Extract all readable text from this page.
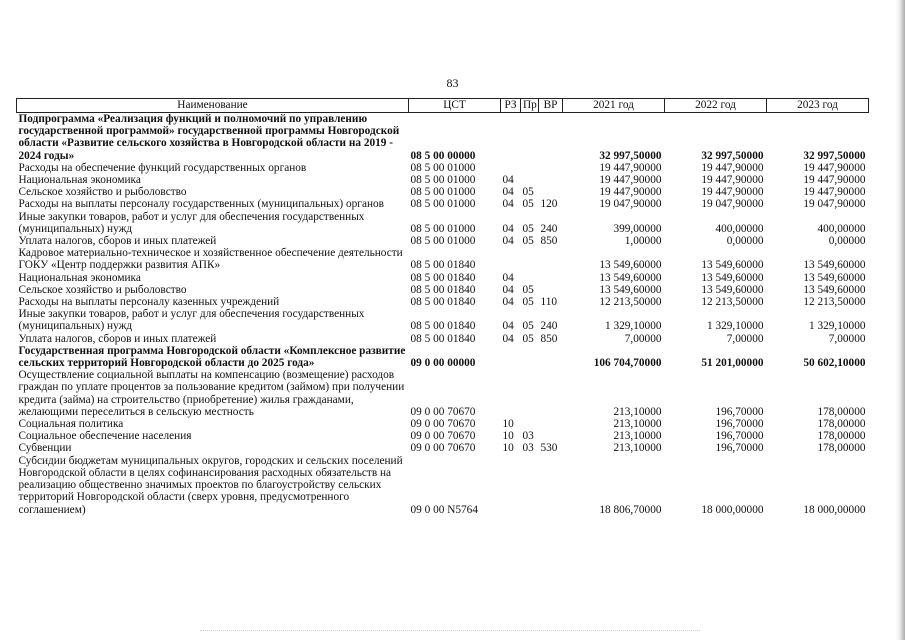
83
Наименование	ЦСТ	РЗ	Пр	ВР	2021 год	2022 год	2023 год
Подпрограмма «Реализация функций и полномочий по управлению государственной программой» государственной программы Новгородской области «Развитие сельского хозяйства в Новгородской области на 2019 - 2024 годы»	08 5 00 00000				32 997,50000	32 997,50000	32 997,50000
Расходы на обеспечение функций государственных органов	08 5 00 01000				19 447,90000	19 447,90000	19 447,90000
Национальная экономика	08 5 00 01000	04			19 447,90000	19 447,90000	19 447,90000
Сельское хозяйство и рыболовство	08 5 00 01000	04	05		19 447,90000	19 447,90000	19 447,90000
Расходы на выплаты персоналу государственных (муниципальных) органов	08 5 00 01000	04	05	120	19 047,90000	19 047,90000	19 047,90000
Иные закупки товаров, работ и услуг для обеспечения государственных (муниципальных) нужд	08 5 00 01000	04	05	240	399,00000	400,00000	400,00000
Уплата налогов, сборов и иных платежей	08 5 00 01000	04	05	850	1,00000	0,00000	0,00000
Кадровое материально-техническое и хозяйственное обеспечение деятельности ГОКУ «Центр поддержки развития АПК»	08 5 00 01840				13 549,60000	13 549,60000	13 549,60000
Национальная экономика	08 5 00 01840	04			13 549,60000	13 549,60000	13 549,60000
Сельское хозяйство и рыболовство	08 5 00 01840	04	05		13 549,60000	13 549,60000	13 549,60000
Расходы на выплаты персоналу казенных учреждений	08 5 00 01840	04	05	110	12 213,50000	12 213,50000	12 213,50000
Иные закупки товаров, работ и услуг для обеспечения государственных (муниципальных) нужд	08 5 00 01840	04	05	240	1 329,10000	1 329,10000	1 329,10000
Уплата налогов, сборов и иных платежей	08 5 00 01840	04	05	850	7,00000	7,00000	7,00000
Государственная программа Новгородской области «Комплексное развитие сельских территорий Новгородской области до 2025 года»	09 0 00 00000				106 704,70000	51 201,00000	50 602,10000
Осуществление социальной выплаты на компенсацию (возмещение) расходов граждан по уплате процентов за пользование кредитом (займом) при получении кредита (займа) на строительство (приобретение) жилья гражданами, желающими переселиться в сельскую местность	09 0 00 70670				213,10000	196,70000	178,00000
Социальная политика	09 0 00 70670	10			213,10000	196,70000	178,00000
Социальное обеспечение населения	09 0 00 70670	10	03		213,10000	196,70000	178,00000
Субвенции	09 0 00 70670	10	03	530	213,10000	196,70000	178,00000
Субсидии бюджетам муниципальных округов, городских и сельских поселений Новгородской области в целях софинансирования расходных обязательств на реализацию общественно значимых проектов по благоустройству сельских территорий Новгородской области (сверх уровня, предусмотренного соглашением)	09 0 00 N5764				18 806,70000	18 000,00000	18 000,00000
